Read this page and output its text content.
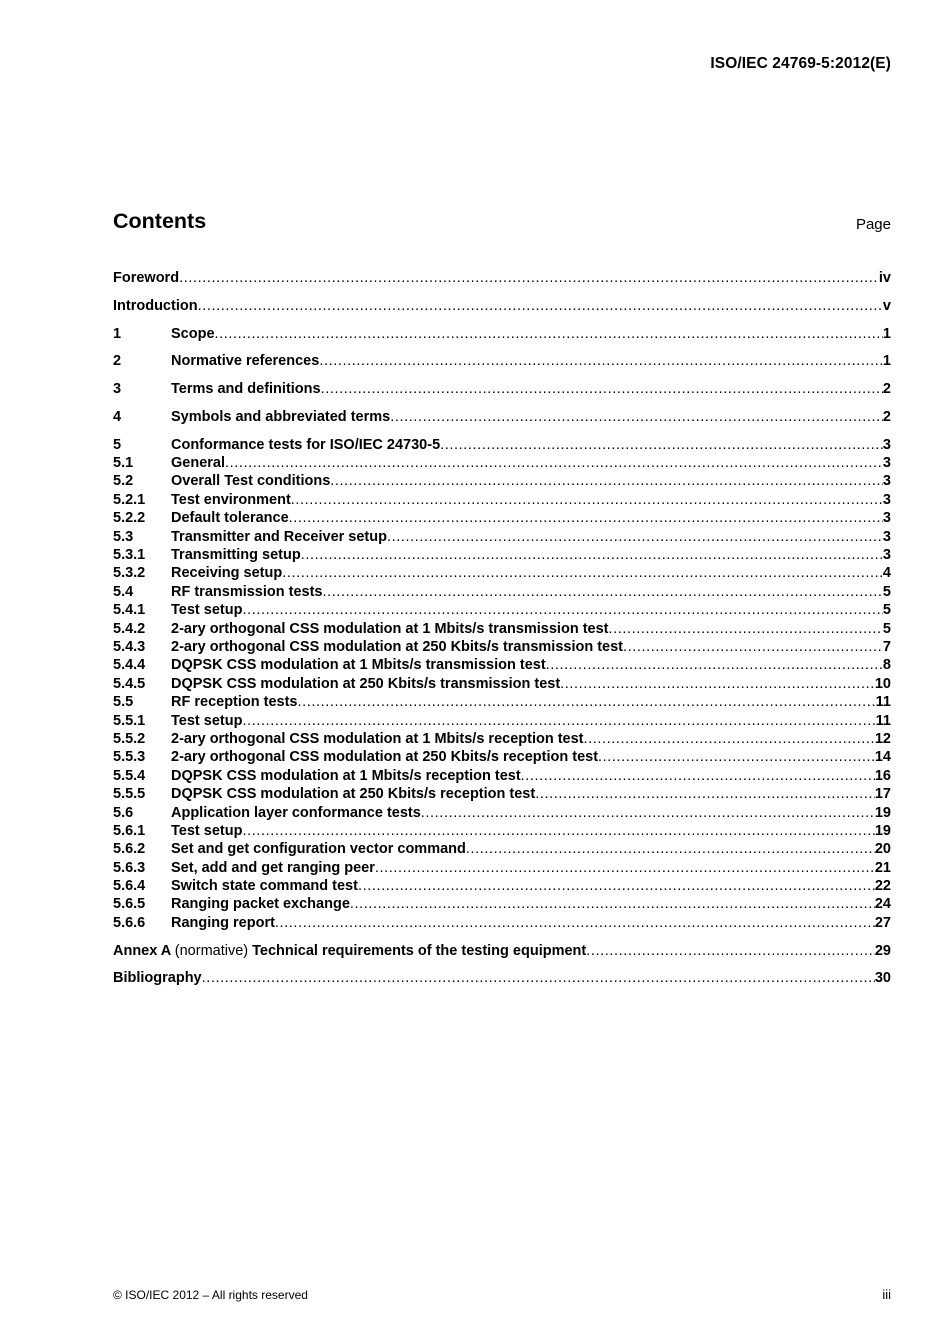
ISO/IEC 24769-5:2012(E)
Contents	Page
Foreword .....	iv
Introduction .....	v
1	Scope .....	1
2	Normative references .....	1
3	Terms and definitions .....	2
4	Symbols and abbreviated terms .....	2
5	Conformance tests for ISO/IEC 24730-5 .....	3
5.1	General .....	3
5.2	Overall Test conditions .....	3
5.2.1	Test environment .....	3
5.2.2	Default tolerance .....	3
5.3	Transmitter and Receiver setup .....	3
5.3.1	Transmitting setup .....	3
5.3.2	Receiving setup .....	4
5.4	RF transmission tests .....	5
5.4.1	Test setup .....	5
5.4.2	2-ary orthogonal CSS modulation at 1 Mbits/s transmission test .....	5
5.4.3	2-ary orthogonal CSS modulation at 250 Kbits/s transmission test .....	7
5.4.4	DQPSK CSS modulation at 1 Mbits/s transmission test .....	8
5.4.5	DQPSK CSS modulation at 250 Kbits/s transmission test .....	10
5.5	RF reception tests .....	11
5.5.1	Test setup .....	11
5.5.2	2-ary orthogonal CSS modulation at 1 Mbits/s reception test .....	12
5.5.3	2-ary orthogonal CSS modulation at 250 Kbits/s reception test .....	14
5.5.4	DQPSK CSS modulation at 1 Mbits/s reception test .....	16
5.5.5	DQPSK CSS modulation at 250 Kbits/s reception test .....	17
5.6	Application layer conformance tests .....	19
5.6.1	Test setup .....	19
5.6.2	Set and get configuration vector command .....	20
5.6.3	Set, add and get ranging peer .....	21
5.6.4	Switch state command test .....	22
5.6.5	Ranging packet exchange .....	24
5.6.6	Ranging report .....	27
Annex A (normative) Technical requirements of the testing equipment .....	29
Bibliography .....	30
© ISO/IEC 2012 – All rights reserved	iii
